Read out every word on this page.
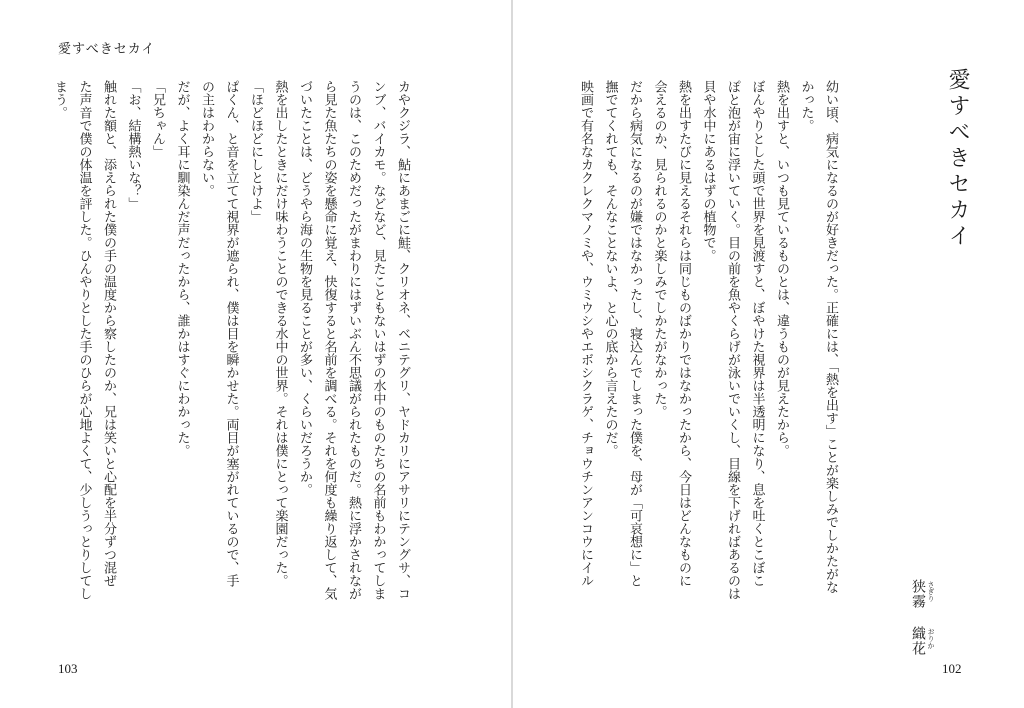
愛すべきセカイ
カやクジラ、鮎にあまごに鮭、クリオネ、ベニテグリ、ヤドカリにアサリにテングサ、コ
ンブ、バイカモ。などなど、見たこともないはずの水中のものたちの名前もわかってしま
うのは、このためだったがまわりにはずいぶん不思議がられたものだ。熱に浮かされなが
ら見た魚たちの姿を懸命に覚え、快復すると名前を調べる。それを何度も繰り返して、気
づいたことは、どうやら海の生物を見ることが多い、くらいだろうか。
熱を出したときにだけ味わうことのできる水中の世界。それは僕にとって楽園だった。
「ほどほどにしとけよ」
ぱくん、と音を立てて視界が遮られ、僕は目を瞬かせた。両目が塞がれているので、手
の主はわからない。
だが、よく耳に馴染んだ声だったから、誰かはすぐにわかった。
「兄ちゃん」
「お、結構熱いな？」
触れた額と、添えられた僕の手の温度から察したのか、兄は笑いと心配を半分ずつ混ぜ
た声音で僕の体温を評した。ひんやりとした手のひらが心地よくて、少しうっとりしてし
まう。
103
幼い頃、病気になるのが好きだった。正確には、「熱を出す」ことが楽しみでしかたがな
かった。
熱を出すと、いつも見ているものとは、違うものが見えたから。
ぼんやりとした頭で世界を見渡すと、ぼやけた視界は半透明になり、息を吐くとこぼこ
ぽと泡が宙に浮いていく。目の前を魚やくらげが泳いでいくし、目線を下げればあるのは
貝や水中にあるはずの植物で。
熱を出すたびに見えるそれらは同じものばかりではなかったから、今日はどんなものに
会えるのか、見られるのかと楽しみでしかたがなかった。
だから病気になるのが嫌ではなかったし、寝込んでしまった僕を、母が「可哀想に」と
撫でてくれても、そんなことないよ、と心の底から言えたのだ。
映画で有名なカクレクマノミや、ウミウシやエボシクラゲ、チョウチンアンコウにイル	愛すべきセカイ
狭霧 さぎり
織花 おりか
102
